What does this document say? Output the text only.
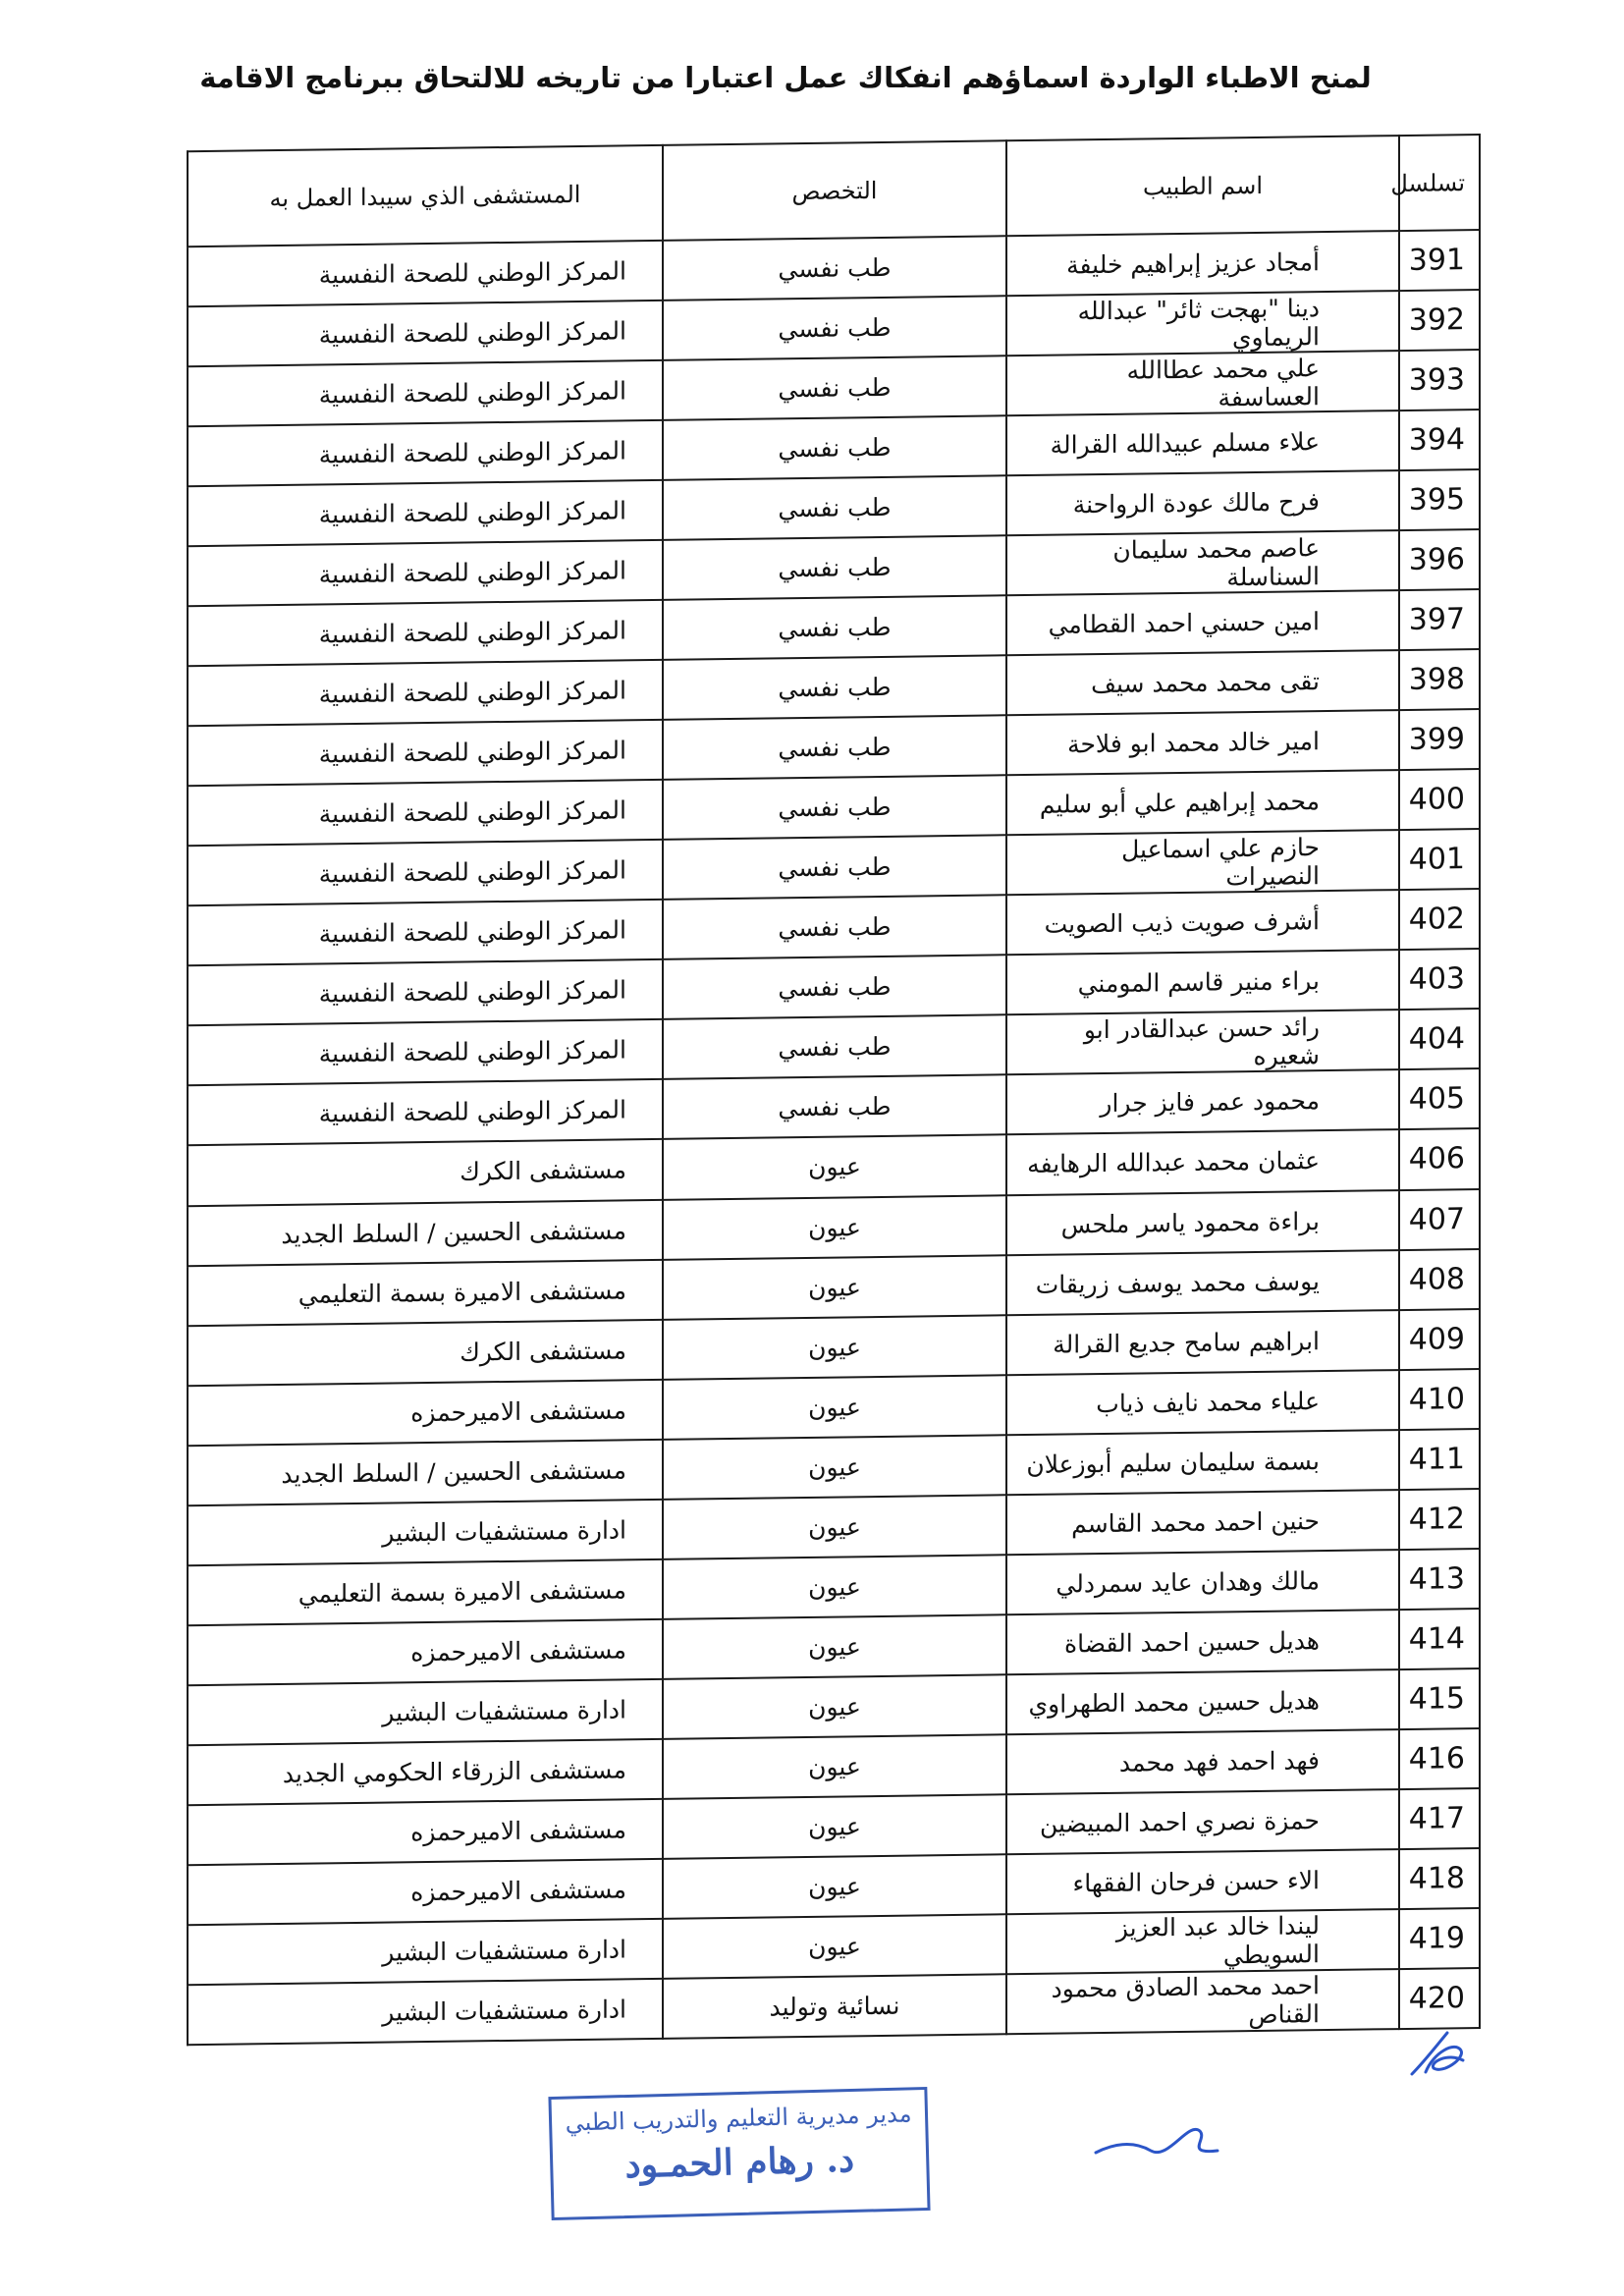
لمنح الاطباء الواردة اسماؤهم انفكاك عمل اعتبارا من تاريخه للالتحاق ببرنامج الاقامة
تسلسل	اسم الطبيب	التخصص	المستشفى الذي سيبدا العمل به
391	أمجاد عزيز إبراهيم خليفة	طب نفسي	المركز الوطني للصحة النفسية
392	دينا "بهجت ثائر" عبدالله الريماوي	طب نفسي	المركز الوطني للصحة النفسية
393	علي محمد عطاالله العساسفة	طب نفسي	المركز الوطني للصحة النفسية
394	علاء مسلم عبيدالله القرالة	طب نفسي	المركز الوطني للصحة النفسية
395	فرح مالك عودة الرواحنة	طب نفسي	المركز الوطني للصحة النفسية
396	عاصم محمد سليمان السناسلة	طب نفسي	المركز الوطني للصحة النفسية
397	امين حسني احمد القطامي	طب نفسي	المركز الوطني للصحة النفسية
398	تقى محمد محمد سيف	طب نفسي	المركز الوطني للصحة النفسية
399	امير خالد محمد ابو فلاحة	طب نفسي	المركز الوطني للصحة النفسية
400	محمد إبراهيم علي أبو سليم	طب نفسي	المركز الوطني للصحة النفسية
401	حازم علي اسماعيل النصيرات	طب نفسي	المركز الوطني للصحة النفسية
402	أشرف صويت ذيب الصويت	طب نفسي	المركز الوطني للصحة النفسية
403	براء منير قاسم المومني	طب نفسي	المركز الوطني للصحة النفسية
404	رائد حسن عبدالقادر ابو شعيره	طب نفسي	المركز الوطني للصحة النفسية
405	محمود عمر فايز جرار	طب نفسي	المركز الوطني للصحة النفسية
406	عثمان محمد عبدالله الرهايفه	عيون	مستشفى الكرك
407	براءة محمود ياسر ملحس	عيون	مستشفى الحسين / السلط الجديد
408	يوسف محمد يوسف زريقات	عيون	مستشفى الاميرة بسمة التعليمي
409	ابراهيم سامح جديع القرالة	عيون	مستشفى الكرك
410	علياء محمد نايف ذياب	عيون	مستشفى الاميرحمزه
411	بسمة سليمان سليم أبوزعلان	عيون	مستشفى الحسين / السلط الجديد
412	حنين احمد محمد القاسم	عيون	ادارة مستشفيات البشير
413	مالك وهدان عايد سمردلي	عيون	مستشفى الاميرة بسمة التعليمي
414	هديل حسين احمد القضاة	عيون	مستشفى الاميرحمزه
415	هديل حسين محمد الطهراوي	عيون	ادارة مستشفيات البشير
416	فهد احمد فهد محمد	عيون	مستشفى الزرقاء الحكومي الجديد
417	حمزة نصري احمد المبيضين	عيون	مستشفى الاميرحمزه
418	الاء حسن فرحان الفقهاء	عيون	مستشفى الاميرحمزه
419	ليندا خالد عبد العزيز السويطي	عيون	ادارة مستشفيات البشير
420	احمد محمد الصادق محمود القناص	نسائية وتوليد	ادارة مستشفيات البشير
مدير مديرية التعليم والتدريب الطبي
د. رهام الحمـود
